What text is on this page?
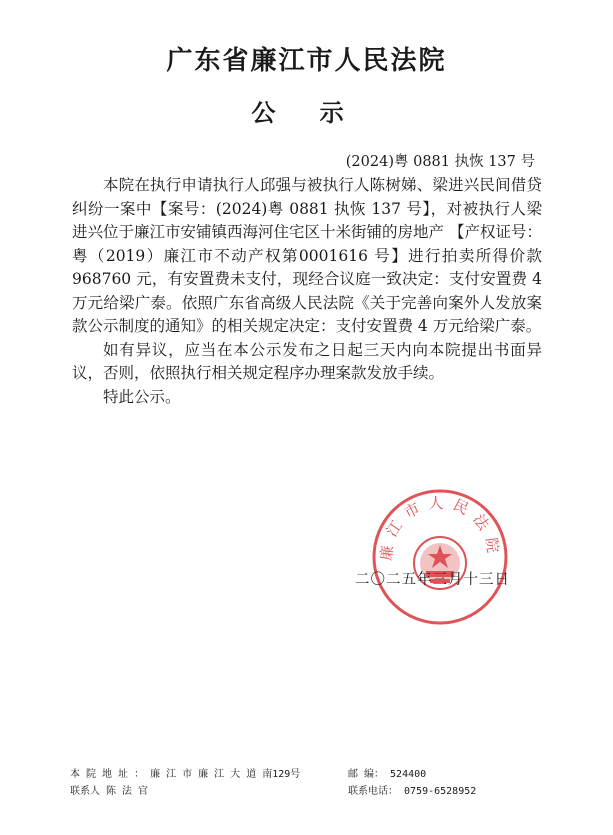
广东省廉江市人民法院
公 示
(2024)粤 0881 执恢 137 号

本院在执行申请执行人邱强与被执行人陈树娣、梁进兴民间借贷纠纷一案中【案号：(2024)粤 0881 执恢 137 号】，对被执行人梁进兴位于廉江市安铺镇西海河住宅区十米街铺的房地产 【产权证号：粤（2019）廉江市不动产权第0001616 号】进行拍卖所得价款 968760 元，有安置费未支付，现经合议庭一致决定：支付安置费 4 万元给梁广泰。依照广东省高级人民法院《关于完善向案外人发放案款公示制度的通知》的相关规定决定：支付安置费 4 万元给梁广泰。

如有异议，应当在本公示发布之日起三天内向本院提出书面异议，否则，依照执行相关规定程序办理案款发放手续。

特此公示。

廉江市人民法院
二〇二五年三月十三日
本 院 地 址 ： 廉 江 市 廉 江 大 道 南129号
联系人 陈 法 官
邮 编： 524400
联系电话： 0759-6528952
